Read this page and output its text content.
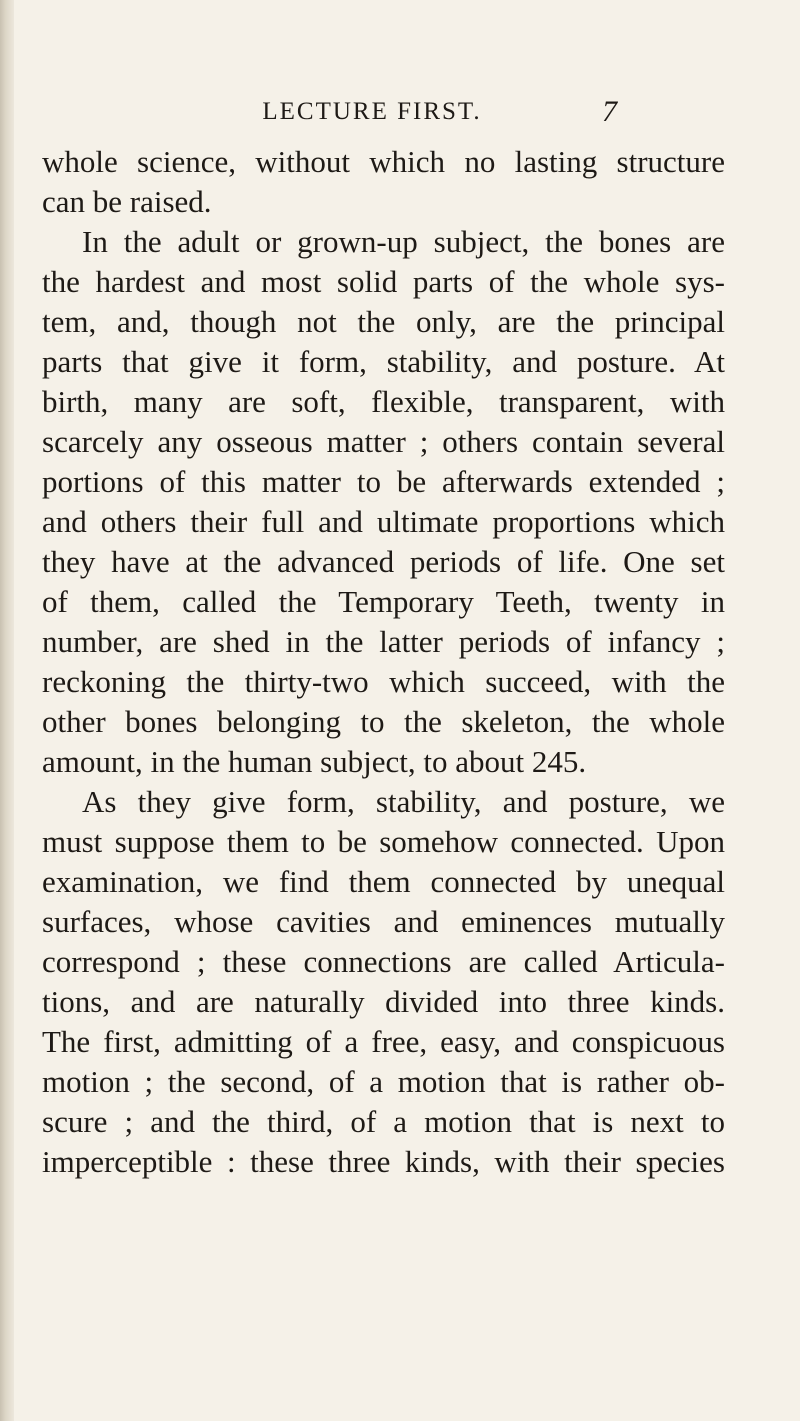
LECTURE FIRST.	7
whole science, without which no lasting structure
can be raised.
In the adult or grown-up subject, the bones are
the hardest and most solid parts of the whole sys-
tem, and, though not the only, are the principal
parts that give it form, stability, and posture. At
birth, many are soft, flexible, transparent, with
scarcely any osseous matter ; others contain several
portions of this matter to be afterwards extended ;
and others their full and ultimate proportions which
they have at the advanced periods of life. One set
of them, called the Temporary Teeth, twenty in
number, are shed in the latter periods of infancy ;
reckoning the thirty-two which succeed, with the
other bones belonging to the skeleton, the whole
amount, in the human subject, to about 245.
As they give form, stability, and posture, we
must suppose them to be somehow connected. Upon
examination, we find them connected by unequal
surfaces, whose cavities and eminences mutually
correspond ; these connections are called Articula-
tions, and are naturally divided into three kinds.
The first, admitting of a free, easy, and conspicuous
motion ; the second, of a motion that is rather ob-
scure ; and the third, of a motion that is next to
imperceptible : these three kinds, with their species
